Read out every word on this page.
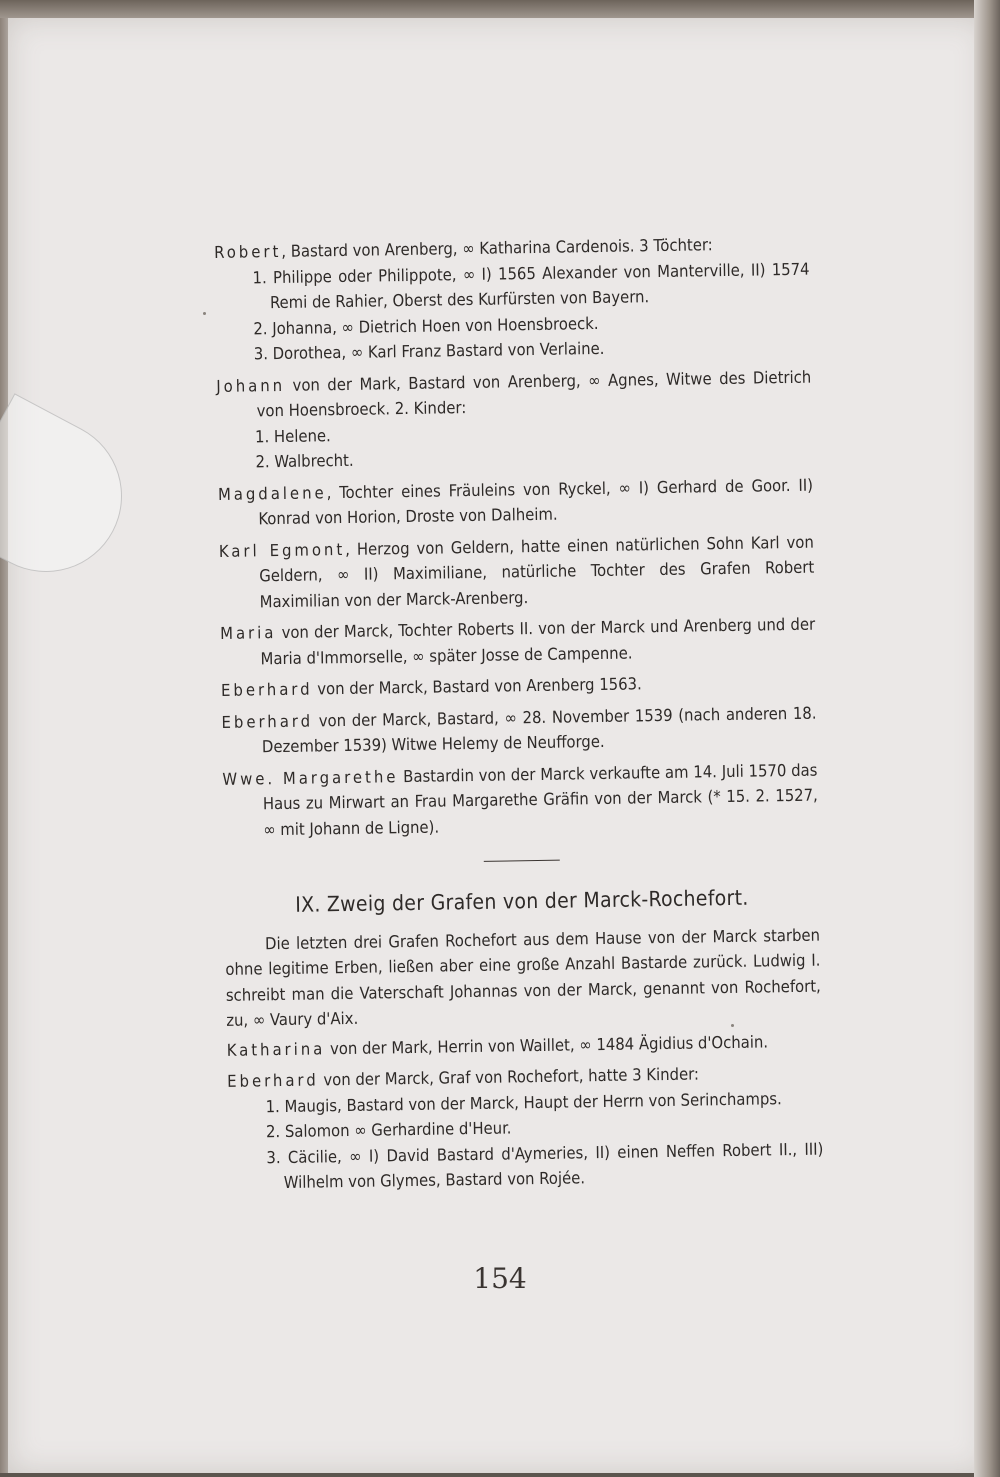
Robert, Bastard von Arenberg, ∞ Katharina Cardenois. 3 Töchter:

1. Philippe oder Philippote, ∞ I) 1565 Alexander von Manterville, II) 1574 Remi de Rahier, Oberst des Kurfürsten von Bayern.

2. Johanna, ∞ Dietrich Hoen von Hoensbroeck.

3. Dorothea, ∞ Karl Franz Bastard von Verlaine.

Johann von der Mark, Bastard von Arenberg, ∞ Agnes, Witwe des Dietrich von Hoensbroeck. 2. Kinder:

1. Helene.

2. Walbrecht.

Magdalene, Tochter eines Fräuleins von Ryckel, ∞ I) Gerhard de Goor. II) Konrad von Horion, Droste von Dalheim.

Karl Egmont, Herzog von Geldern, hatte einen natürlichen Sohn Karl von Geldern, ∞ II) Maximiliane, natürliche Tochter des Grafen Robert Maximilian von der Marck-Arenberg.

Maria von der Marck, Tochter Roberts II. von der Marck und Arenberg und der Maria d'Immorselle, ∞ später Josse de Campenne.

Eberhard von der Marck, Bastard von Arenberg 1563.

Eberhard von der Marck, Bastard, ∞ 28. November 1539 (nach anderen 18. Dezember 1539) Witwe Helemy de Neufforge.

Wwe. Margarethe Bastardin von der Marck verkaufte am 14. Juli 1570 das Haus zu Mirwart an Frau Margarethe Gräfin von der Marck (* 15. 2. 1527, ∞ mit Johann de Ligne).

IX. Zweig der Grafen von der Marck-Rochefort.

Die letzten drei Grafen Rochefort aus dem Hause von der Marck starben ohne legitime Erben, ließen aber eine große Anzahl Bastarde zurück. Ludwig I. schreibt man die Vaterschaft Johannas von der Marck, genannt von Rochefort, zu, ∞ Vaury d'Aix.

Katharina von der Mark, Herrin von Waillet, ∞ 1484 Ägidius d'Ochain.

Eberhard von der Marck, Graf von Rochefort, hatte 3 Kinder:

1. Maugis, Bastard von der Marck, Haupt der Herrn von Serinchamps.

2. Salomon ∞ Gerhardine d'Heur.

3. Cäcilie, ∞ I) David Bastard d'Aymeries, II) einen Neffen Robert II., III) Wilhelm von Glymes, Bastard von Rojée.

154
